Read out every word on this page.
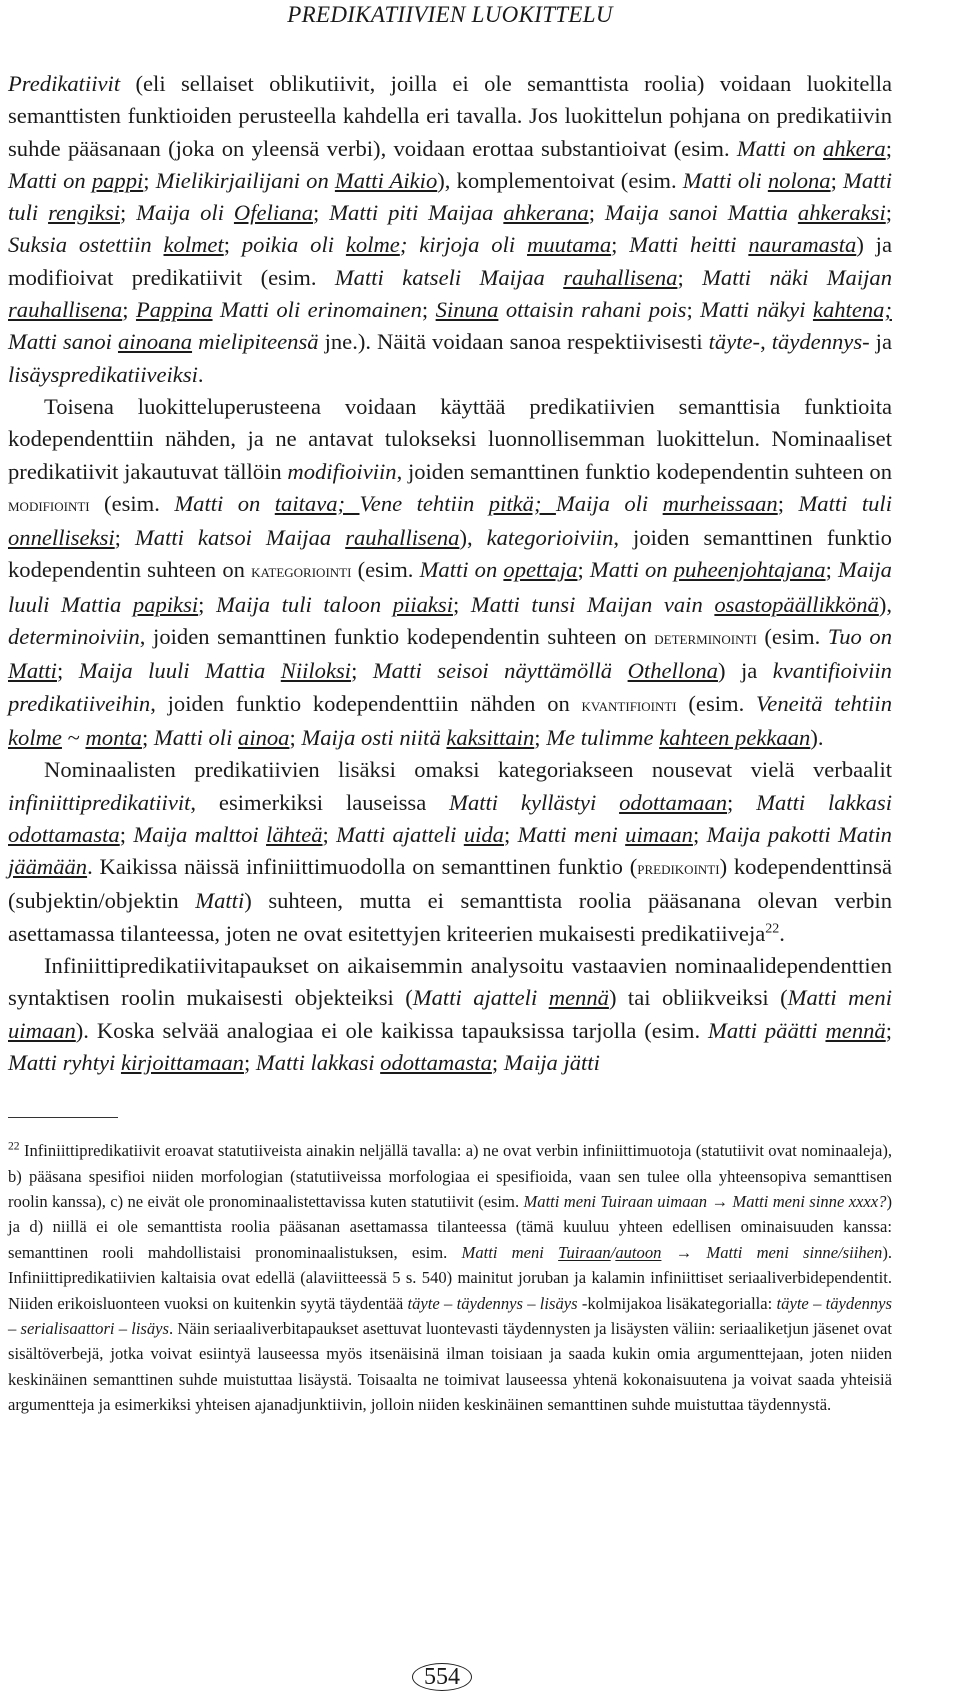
PREDIKATIIVIEN LUOKITTELU

Predikatiivit (eli sellaiset oblikutiivit, joilla ei ole semanttista roolia) voidaan luokitella semanttisten funktioiden perusteella kahdella eri tavalla. Jos luokittelun pohjana on predikatiivin suhde pääsanaan (joka on yleensä verbi), voidaan erottaa substantioivat (esim. Matti on ahkera; Matti on pappi; Mielikirjailijani on Matti Aikio), komplementoivat (esim. Matti oli nolona; Matti tuli rengiksi; Maija oli Ofeliana; Matti piti Maijaa ahkerana; Maija sanoi Mattia ahkeraksi; Suksia ostettiin kolmet; poikia oli kolme; kirjoja oli muutama; Matti heitti nauramasta) ja modifioivat predikatiivit (esim. Matti katseli Maijaa rauhallisena; Matti näki Maijan rauhallisena; Pappina Matti oli erinomainen; Sinuna ottaisin rahani pois; Matti näkyi kahtena; Matti sanoi ainoana mielipiteensä jne.). Näitä voidaan sanoa respektiivisesti täyte-, täydennys- ja lisäyspredikatiiveiksi.

Toisena luokitteluperusteena voidaan käyttää predikatiivien semanttisia funktioita kodependenttiin nähden, ja ne antavat tulokseksi luonnollisemman luokittelun. Nominaaliset predikatiivit jakautuvat tällöin modifioiviin, joiden semanttinen funktio kodependentin suhteen on modifiointi (esim. Matti on taitava; Vene tehtiin pitkä; Maija oli murheissaan; Matti tuli onnelliseksi; Matti katsoi Maijaa rauhallisena), kategorioiviin, joiden semanttinen funktio kodependentin suhteen on kategoriointi (esim. Matti on opettaja; Matti on puheenjohtajana; Maija luuli Mattia papiksi; Maija tuli taloon piiaksi; Matti tunsi Maijan vain osastopäällikkönä), determinoiviin, joiden semanttinen funktio kodependentin suhteen on determinointi (esim. Tuo on Matti; Maija luuli Mattia Niiloksi; Matti seisoi näyttämöllä Othellona) ja kvantifioiviin predikatiiveihin, joiden funktio kodependenttiin nähden on kvantifiointi (esim. Veneitä tehtiin kolme ~ monta; Matti oli ainoa; Maija osti niitä kaksittain; Me tulimme kahteen pekkaan).

Nominaalisten predikatiivien lisäksi omaksi kategoriakseen nousevat vielä verbaalit infiniittipredikatiivit, esimerkiksi lauseissa Matti kyllästyi odottamaan; Matti lakkasi odottamasta; Maija malttoi lähteä; Matti ajatteli uida; Matti meni uimaan; Maija pakotti Matin jäämään. Kaikissa näissä infiniittimuodolla on semanttinen funktio (predikointi) kodependenttinsä (subjektin/objektin Matti) suhteen, mutta ei semanttista roolia pääsanana olevan verbin asettamassa tilanteessa, joten ne ovat esitettyjen kriteerien mukaisesti predikatiiveja$^{22}$.

Infiniittipredikatiivitapaukset on aikaisemmin analysoitu vastaavien nominaalidependenttien syntaktisen roolin mukaisesti objekteiksi (Matti ajatteli mennä) tai obliikveiksi (Matti meni uimaan). Koska selvää analogiaa ei ole kaikissa tapauksissa tarjolla (esim. Matti päätti mennä; Matti ryhtyi kirjoittamaan; Matti lakkasi odottamasta; Maija jätti

$^{22}$ Infiniittipredikatiivit eroavat statutiiveista ainakin neljällä tavalla: a) ne ovat verbin infiniittimuotoja (statutiivit ovat nominaaleja), b) pääsana spesifioi niiden morfologian (statutiiveissa morfologiaa ei spesifioida, vaan sen tulee olla yhteensopiva semanttisen roolin kanssa), c) ne eivät ole pronominaalistettavissa kuten statutiivit (esim. Matti meni Tuiraan uimaan → Matti meni sinne xxxx?) ja d) niillä ei ole semanttista roolia pääsanan asettamassa tilanteessa (tämä kuuluu yhteen edellisen ominaisuuden kanssa: semanttinen rooli mahdollistaisi pronominaalistuksen, esim. Matti meni Tuiraan/autoon → Matti meni sinne/siihen). Infiniittipredikatiivien kaltaisia ovat edellä (alaviitteessä 5 s. 540) mainitut joruban ja kalamin infiniittiset seriaaliverbidependentit. Niiden erikoisluonteen vuoksi on kuitenkin syytä täydentää täyte – täydennys – lisäys -kolmijakoa lisäkategorialla: täyte – täydennys – serialisaattori – lisäys. Näin seriaaliverbitapaukset asettuvat luontevasti täydennysten ja lisäysten väliin: seriaaliketjun jäsenet ovat sisältöverbejä, jotka voivat esiintyä lauseessa myös itsenäisinä ilman toisiaan ja saada kukin omia argumenttejaan, joten niiden keskinäinen semanttinen suhde muistuttaa lisäystä. Toisaalta ne toimivat lauseessa yhtenä kokonaisuutena ja voivat saada yhteisiä argumentteja ja esimerkiksi yhteisen ajanadjunktiivin, jolloin niiden keskinäinen semanttinen suhde muistuttaa täydennystä.
554
